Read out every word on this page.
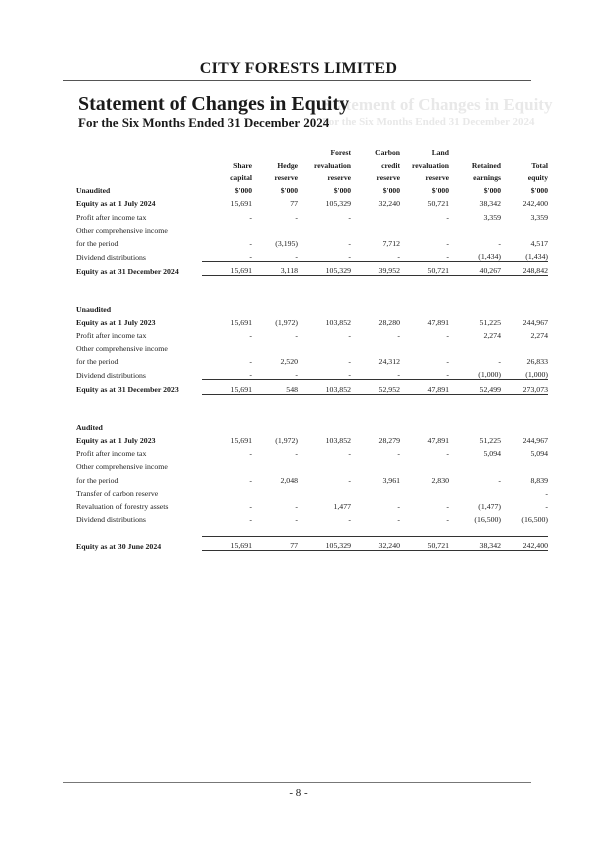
Statement of Changes in Equity
For the Six Months Ended 31 December 2024
CITY FORESTS LIMITED
Statement of Changes in Equity
For the Six Months Ended 31 December 2024
			Forest	Carbon	Land		
	Share	Hedge	revaluation	credit	revaluation	Retained	Total
	capital	reserve	reserve	reserve	reserve	earnings	equity
Unaudited	$'000	$'000	$'000	$'000	$'000	$'000	$'000
Equity as at 1 July 2024	15,691	77	105,329	32,240	50,721	38,342	242,400
Profit after income tax	-	-	-		-	3,359	3,359
Other comprehensive income							
for the period	-	(3,195)	-	7,712	-	-	4,517
Dividend distributions	-	-	-	-	-	(1,434)	(1,434)
Equity as at 31 December 2024	15,691	3,118	105,329	39,952	50,721	40,267	248,842

Unaudited							
Equity as at 1 July 2023	15,691	(1,972)	103,852	28,280	47,891	51,225	244,967
Profit after income tax	-	-	-	-	-	2,274	2,274
Other comprehensive income							
for the period	-	2,520	-	24,312	-	-	26,833
Dividend distributions	-	-	-	-	-	(1,000)	(1,000)
Equity as at 31 December 2023	15,691	548	103,852	52,952	47,891	52,499	273,073

Audited							
Equity as at 1 July 2023	15,691	(1,972)	103,852	28,279	47,891	51,225	244,967
Profit after income tax	-	-	-	-	-	5,094	5,094
Other comprehensive income							
for the period	-	2,048	-	3,961	2,830	-	8,839
Transfer of carbon reserve							-
Revaluation of forestry assets	-	-	1,477	-	-	(1,477)	-
Dividend distributions	-	-	-	-	-	(16,500)	(16,500)

Equity as at 30 June 2024	15,691	77	105,329	32,240	50,721	38,342	242,400
- 8 -
